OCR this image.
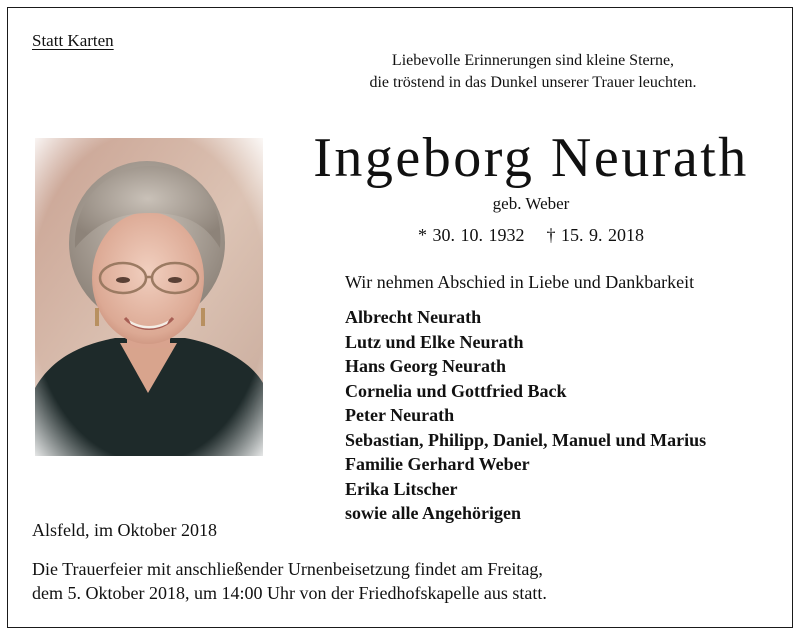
Statt Karten
Liebevolle Erinnerungen sind kleine Sterne,
die tröstend in das Dunkel unserer Trauer leuchten.
Ingeborg Neurath
geb. Weber
* 30. 10. 1932 † 15. 9. 2018
Wir nehmen Abschied in Liebe und Dankbarkeit
Albrecht Neurath
Lutz und Elke Neurath
Hans Georg Neurath
Cornelia und Gottfried Back
Peter Neurath
Sebastian, Philipp, Daniel, Manuel und Marius
Familie Gerhard Weber
Erika Litscher
sowie alle Angehörigen
Alsfeld, im Oktober 2018
Die Trauerfeier mit anschließender Urnenbeisetzung findet am Freitag,
dem 5. Oktober 2018, um 14:00 Uhr von der Friedhofskapelle aus statt.
